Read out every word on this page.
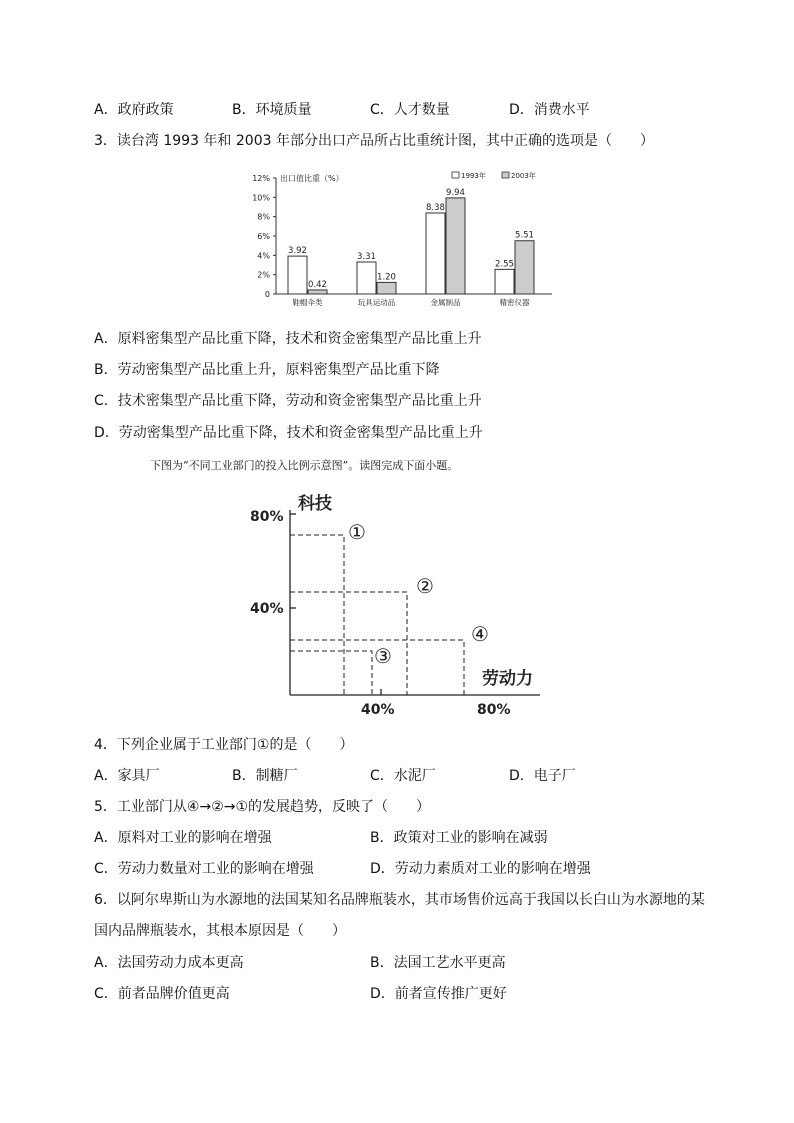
A．政府政策	B．环境质量	C．人才数量	D．消费水平
3．读台湾 1993 年和 2003 年部分出口产品所占比重统计图，其中正确的选项是（　　）
0
2%
4%
6%
8%
10%
12% 出口值比重（%）	1993年	2003年
3.92
0.42
鞋帽伞类
3.31
1.20
玩具运动品
8.38
9.94
金属制品
2.55
5.51
精密仪器
A．原料密集型产品比重下降，技术和资金密集型产品比重上升
B．劳动密集型产品比重上升，原料密集型产品比重下降
C．技术密集型产品比重下降，劳动和资金密集型产品比重上升
D．劳动密集型产品比重下降，技术和资金密集型产品比重上升
下图为“不同工业部门的投入比例示意图”。读图完成下面小题。
科技
劳动力
80%
40%
40%	80%
①
②
③
④
4．下列企业属于工业部门①的是（　　）
A．家具厂	B．制糖厂	C．水泥厂	D．电子厂
5．工业部门从④→②→①的发展趋势，反映了（　　）
A．原料对工业的影响在增强	B．政策对工业的影响在减弱
C．劳动力数量对工业的影响在增强	D．劳动力素质对工业的影响在增强
6．以阿尔卑斯山为水源地的法国某知名品牌瓶装水，其市场售价远高于我国以长白山为水源地的某
国内品牌瓶装水，其根本原因是（　　）
A．法国劳动力成本更高	B．法国工艺水平更高
C．前者品牌价值更高	D．前者宣传推广更好
